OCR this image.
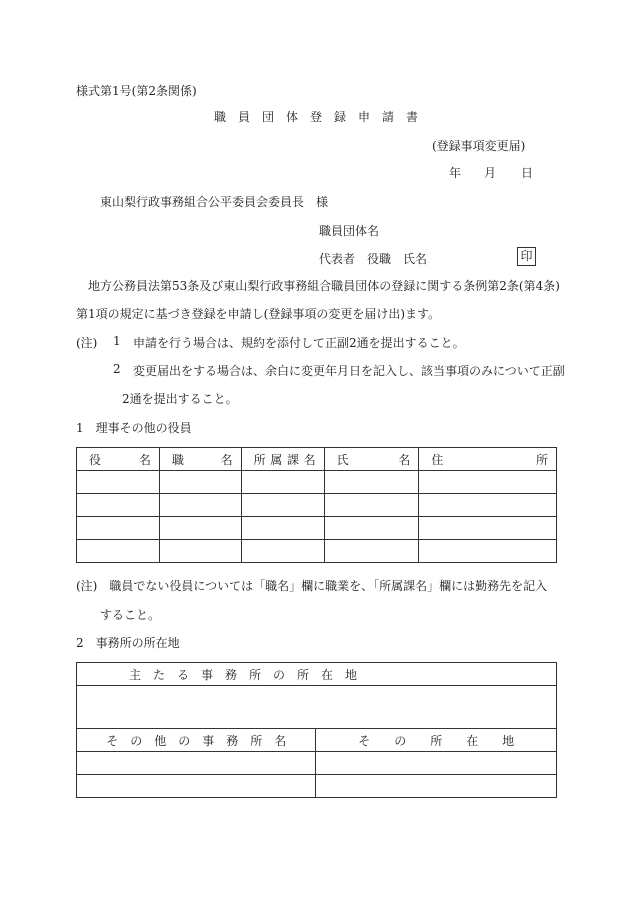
様式第1号(第2条関係)
職　員　団　体　登　録　申　請　書
(登録事項変更届)
年 月 日
東山梨行政事務組合公平委員会委員長　様
職員団体名
代表者　役職　氏名	印
地方公務員法第53条及び東山梨行政事務組合職員団体の登録に関する条例第2条(第4条)
第1項の規定に基づき登録を申請し(登録事項の変更を届け出)ます。
(注) 1 申請を行う場合は、規約を添付して正副2通を提出すること。
2 変更届出をする場合は、余白に変更年月日を記入し、該当事項のみについて正副
2通を提出すること。
1　理事その他の役員
役 名	職 名	所 属 課 名	氏 名	住 所

(注)　職員でない役員については「職名」欄に職業を、「所属課名」欄には勤務先を記入
すること。
2　事務所の所在地
主　た　る　事　務　所　の　所　在　地	

そ　の　他　の　事　務　所　名	そ　　の　　所　　在　　地
